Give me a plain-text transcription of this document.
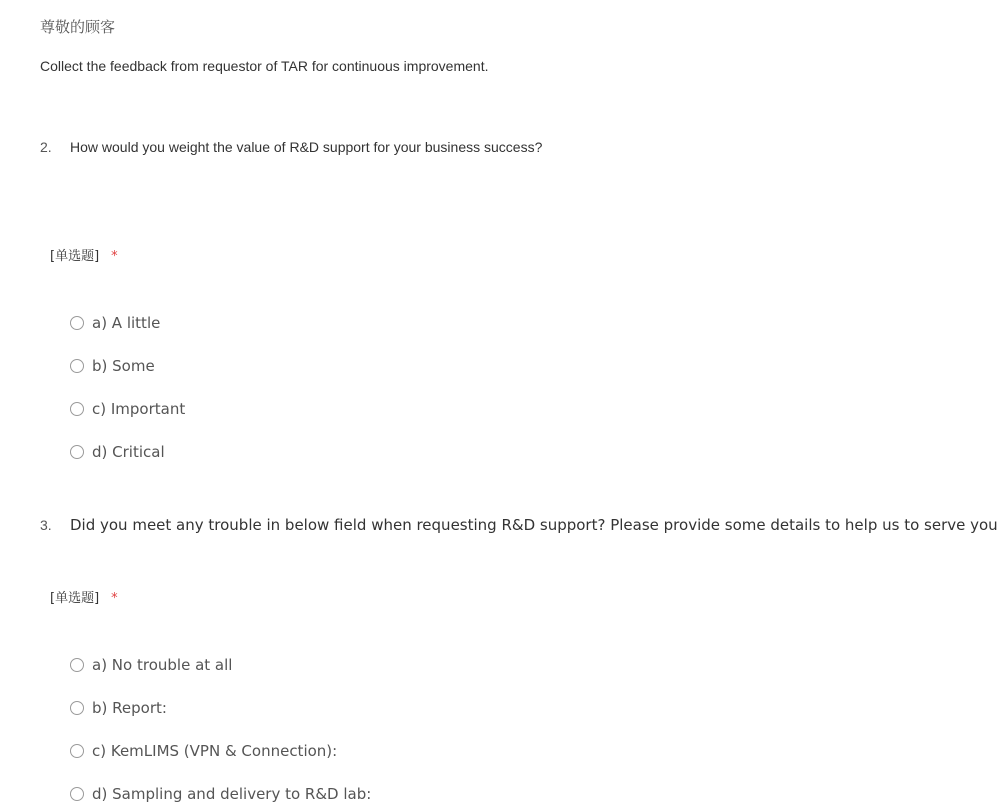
尊敬的顾客
Collect the feedback from requestor of TAR for continuous improvement.
2. How would you weight the value of R&D support for your business success?
[单选题] *
a) A little
b) Some
c) Important
d) Critical
3. Did you meet any trouble in below field when requesting R&D support? Please provide some details to help us to serve you
[单选题] *
a) No trouble at all
b) Report:
c) KemLIMS (VPN & Connection):
d) Sampling and delivery to R&D lab:
